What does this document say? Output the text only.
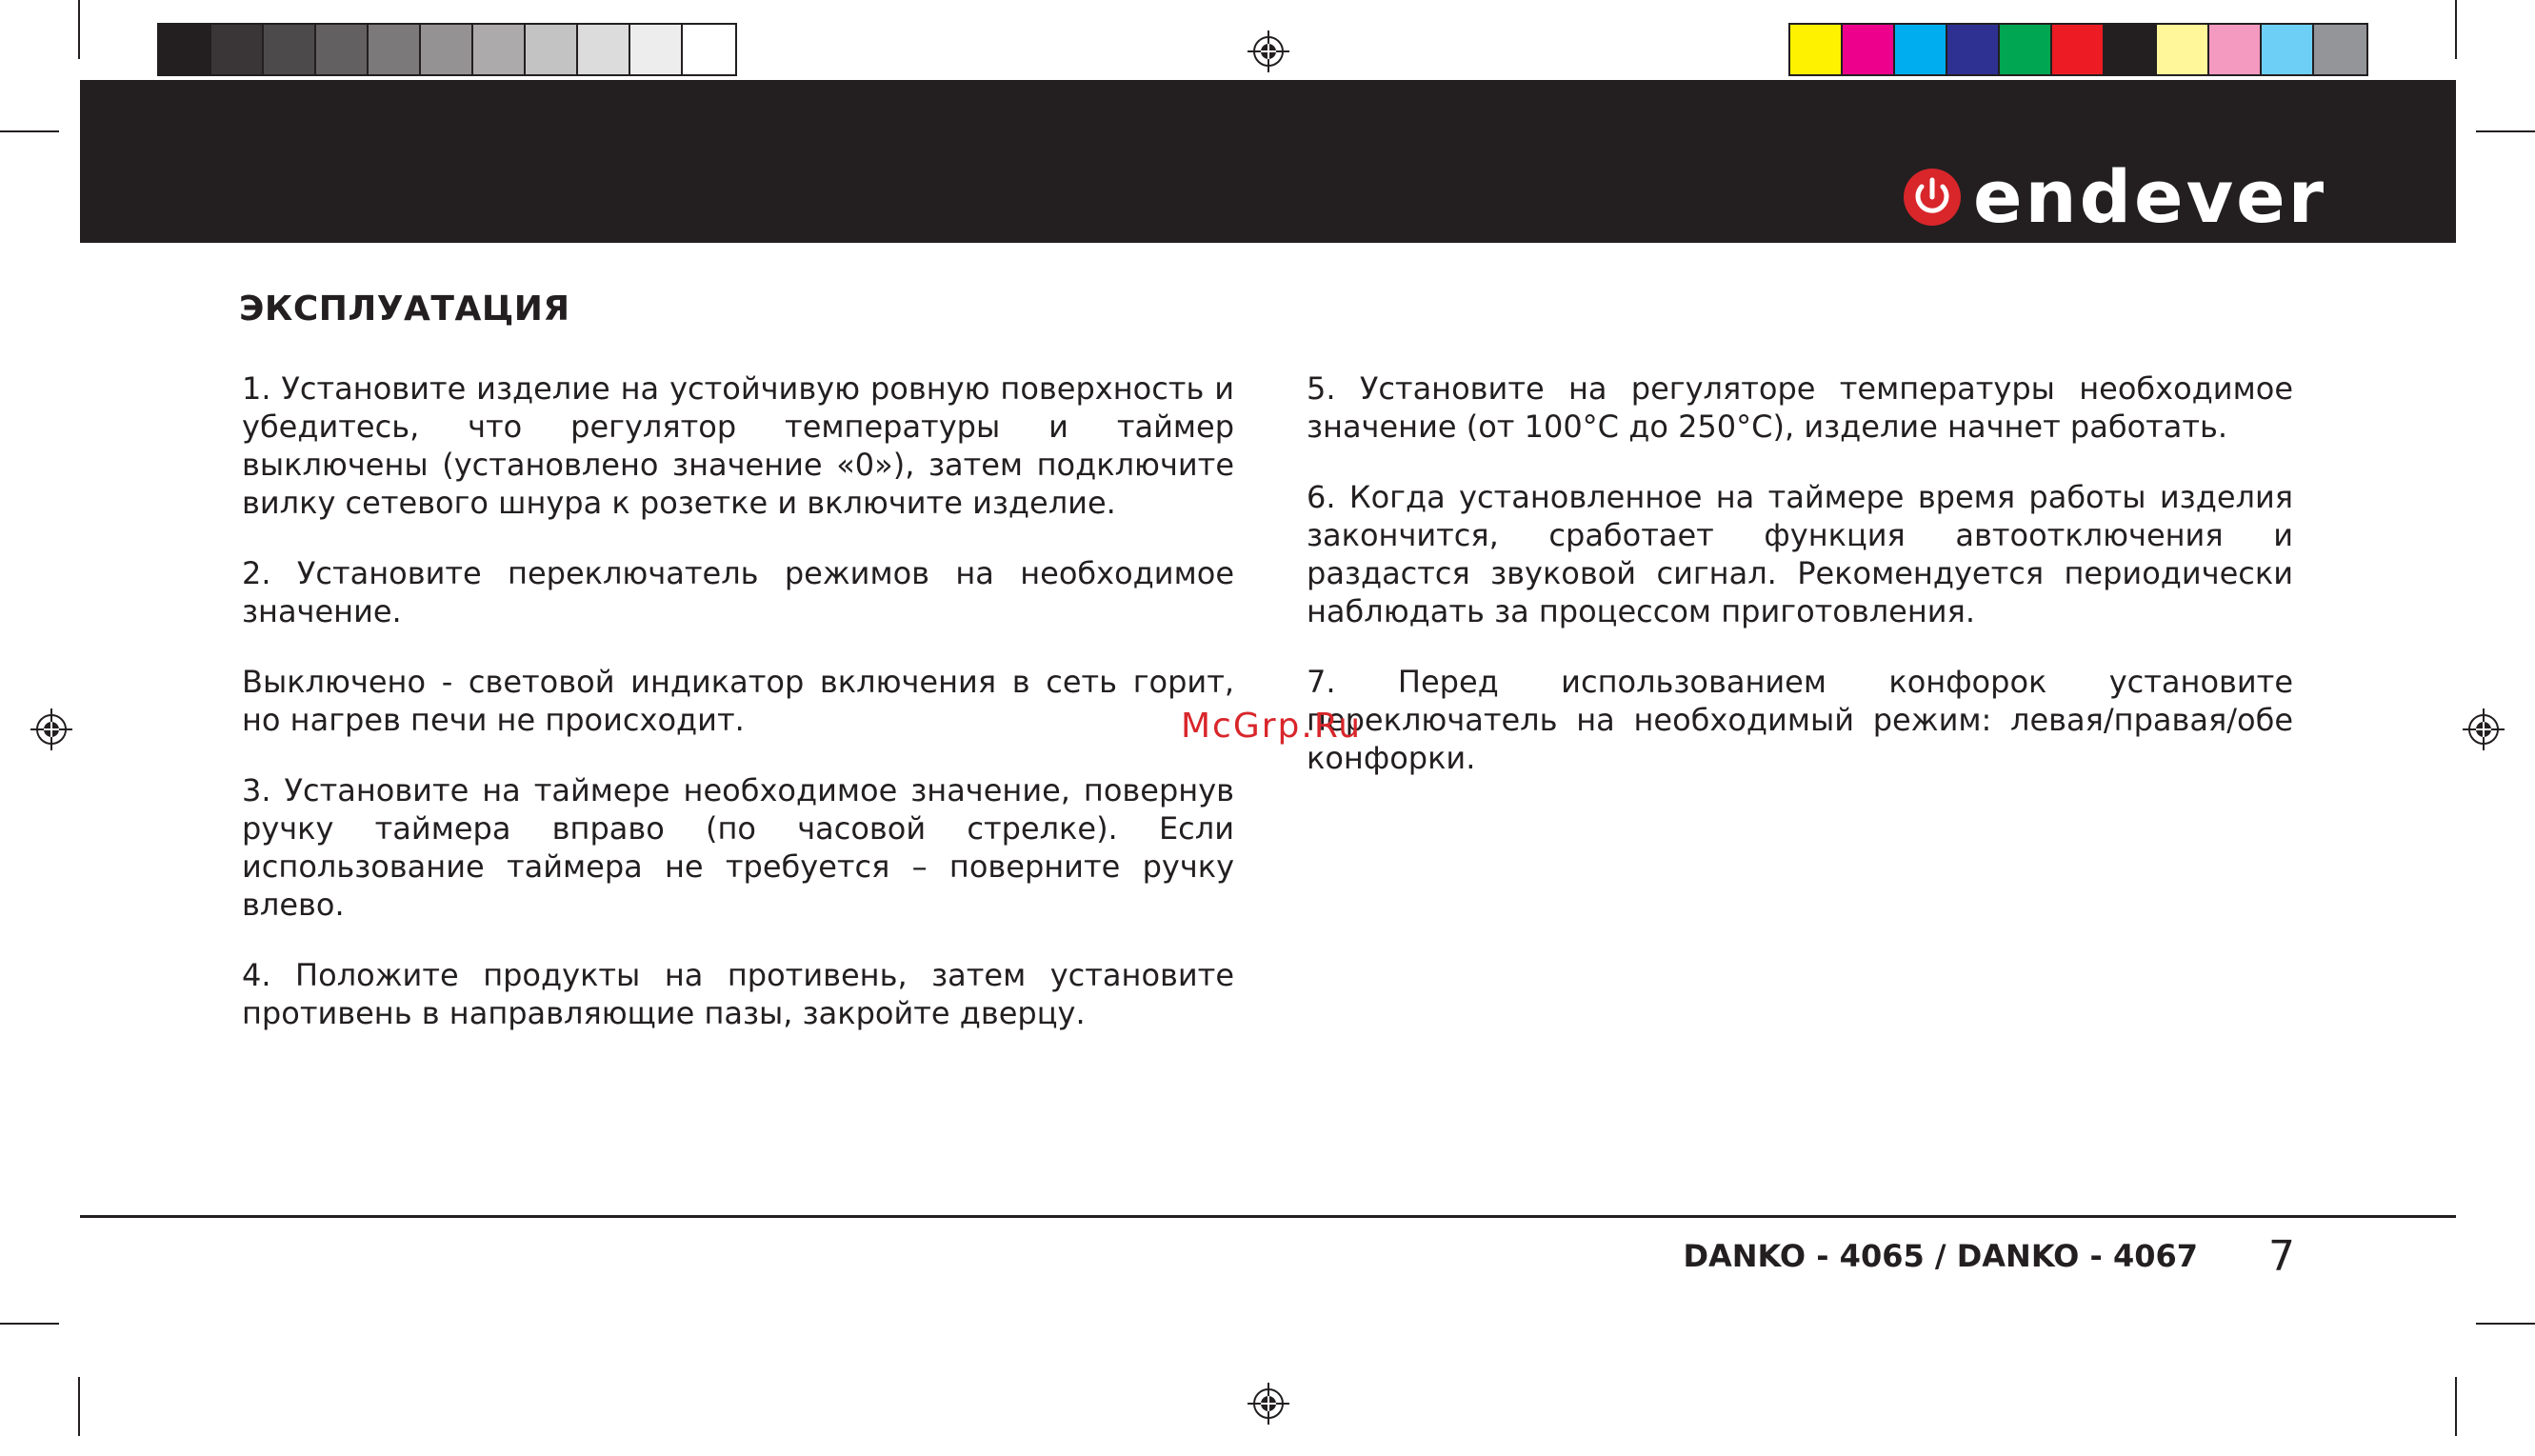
endever
ЭКСПЛУАТАЦИЯ

1. Установите изделие на устойчивую ровную поверхность и убедитесь, что регулятор температуры и таймер выключены (установлено значение «0»), затем подключите вилку сетевого шнура к розетке и включите изделие.

2. Установите переключатель режимов на необходимое значение.

Выключено - световой индикатор включения в сеть горит, но нагрев печи не происходит.

3. Установите на таймере необходимое значение, повернув ручку таймера вправо (по часовой стрелке). Если использование таймера не требуется – поверните ручку влево.

4. Положите продукты на противень, затем установите противень в направляющие пазы, закройте дверцу.

5. Установите на регуляторе температуры необходимое значение (от 100°С до 250°С), изделие начнет работать.

6. Когда установленное на таймере время работы изделия закончится, сработает функция автоотключения и раздастся звуковой сигнал. Рекомендуется периодически наблюдать за процессом приготовления.

7. Перед использованием конфорок установите переключатель на необходимый режим: левая/правая/обе конфорки.

McGrp.Ru
DANKO - 4065 / DANKO - 4067 7
